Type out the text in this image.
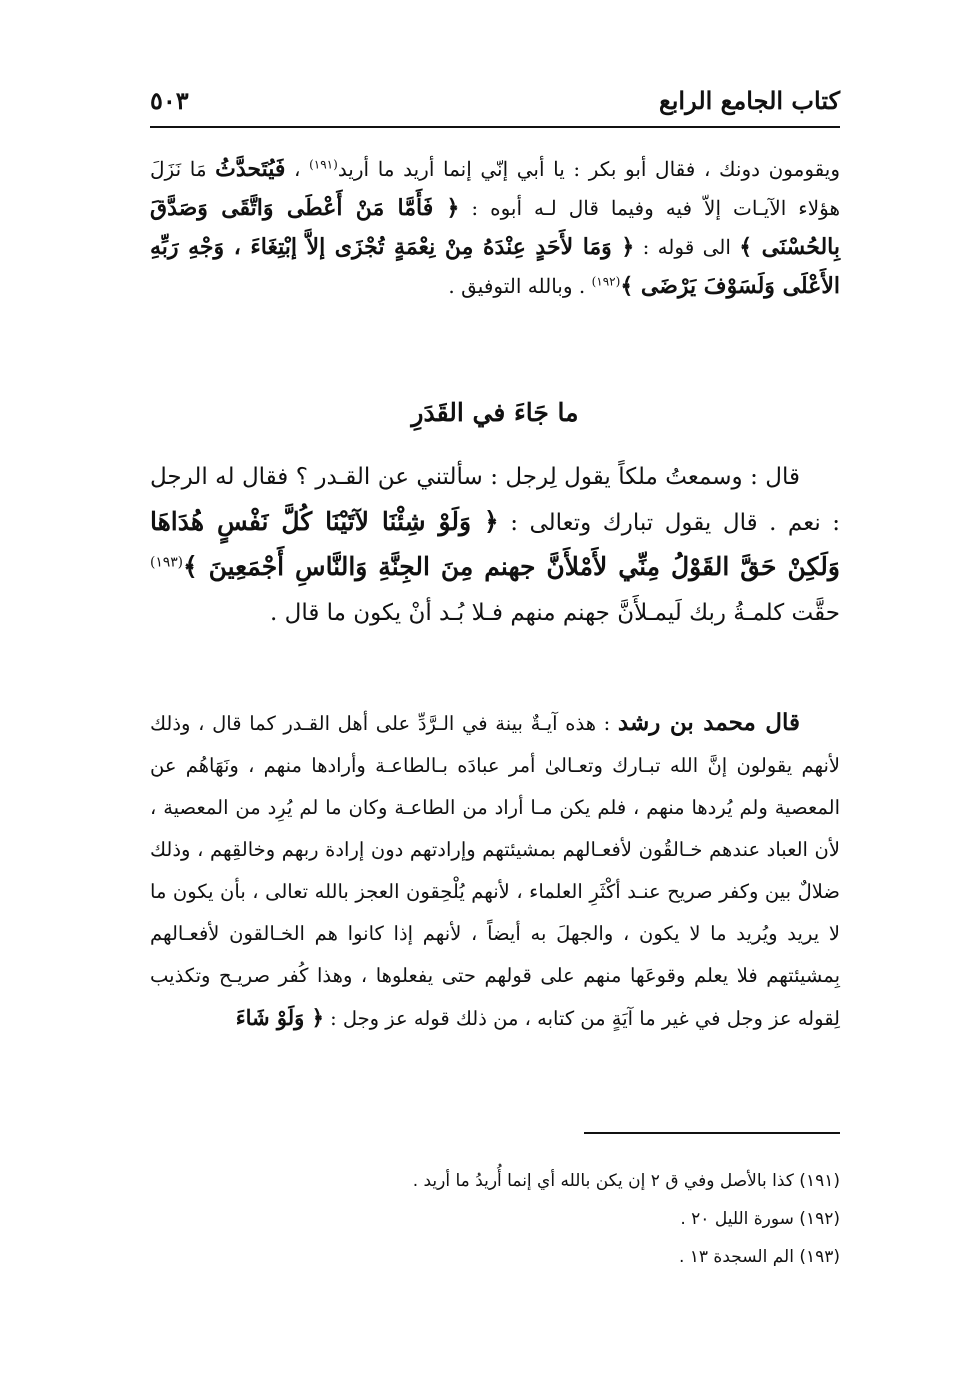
كتاب الجامع الرابع
٥٠٣

ويقومون دونك ، فقال أبو بكر : يا أبي إنّي إنما أريد ما أريد$^{(١٩١)}$ ، فَيُتَحدَّثُ مَا نَزَلَ هؤلاء الآيـات إلاّ فيه وفيما قال لـه أبوه : ﴿ فَأَمَّا مَنْ أَعْطَى وَاتَّقَى وَصَدَّقَ بِالحُسْنَى ﴾ الى قوله : ﴿ وَمَا لأَحَدٍ عِنْدَهُ مِنْ نِعْمَةٍ تُجْزَى إلاَّ إبْتِغَاءَ ، وَجْهِ رَبِّهِ الأَعْلَى وَلَسَوْفَ يَرْضَى ﴾$^{(١٩٢)}$ . وبالله التوفيق .

ما جَاءَ في القَدَرِ

قال : وسمعتُ ملكاً يقول لِرجل : سألتني عن القـدر ؟ فقال له الرجل : نعم . قال يقول تبارك وتعالى : ﴿ وَلَوْ شِئْنَا لآتَيْنَا كُلَّ نَفْسٍ هُدَاهَا وَلَكِنْ حَقَّ القَوْلُ مِنِّي لأَمْلأَنَّ جهنم مِنَ الجِنَّةِ وَالنَّاسِ أَجْمَعِينَ ﴾$^{(١٩٣)}$ حقَّت كلمـةُ ربك لَيمـلأَنَّ جهنم منهم فـلا بُـد أنْ يكون ما قال .

قال محمد بن رشد : هذه آيـةٌ بينة في الـرَّدِّ على أهل القـدر كما قال ، وذلك لأنهم يقولون إنَّ الله تبـارك وتعـالىٰ أمر عبادَه بـالطاعـة وأرادها منهم ، ونَهَاهُم عن المعصية ولم يُردها منهم ، فلم يكن مـا أراد من الطاعـة وكان ما لم يُرِد من المعصية ، لأن العباد عندهم خـالقُون لأفعـالهم بمشيئتهم وإرادتهم دون إرادة ربهم وخالقِهم ، وذلك ضلالٌ بين وكفر صريح عنـد أكْثَرِ العلماء ، لأنهم يُلْحِقون العجز بالله تعالى ، بأن يكون ما لا يريد ويُريد ما لا يكون ، والجهلَ به أيضاً ، لأنهم إذا كانوا هم الخـالقون لأفعـالهم بِمشيئتهم فلا يعلم وقوعَها منهم على قولهم حتى يفعلوها ، وهذا كُفر صريـح وتكذيب لِقوله عز وجل في غير ما آيَةٍ من كتابه ، من ذلك قوله عز وجل : ﴿ وَلَوْ شَاءَ

(١٩١) كذا بالأصل وفي ق ٢ إن يكن بالله أي إنما أُريدُ ما أريد .
(١٩٢) سورة الليل ٢٠ .
(١٩٣) الم السجدة ١٣ .
